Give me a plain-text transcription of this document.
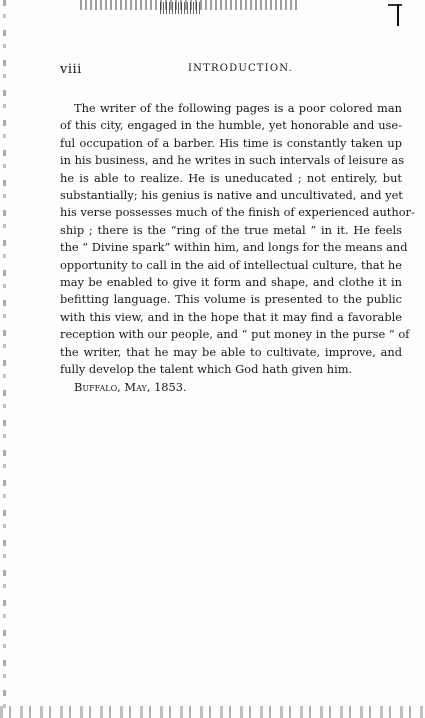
viii	INTRODUCTION.
The writer of the following pages is a poor colored man
of this city, engaged in the humble, yet honorable and use-
ful occupation of a barber. His time is constantly taken up
in his business, and he writes in such intervals of leisure as
he is able to realize. He is uneducated ; not entirely, but
substantially; his genius is native and uncultivated, and yet
his verse possesses much of the finish of experienced author-
ship ; there is the “ring of the true metal ” in it. He feels
the “ Divine spark” within him, and longs for the means and
opportunity to call in the aid of intellectual culture, that he
may be enabled to give it form and shape, and clothe it in
befitting language. This volume is presented to the public
with this view, and in the hope that it may find a favorable
reception with our people, and “ put money in the purse ” of
the writer, that he may be able to cultivate, improve, and
fully develop the talent which God hath given him.
Buffalo, May, 1853.
